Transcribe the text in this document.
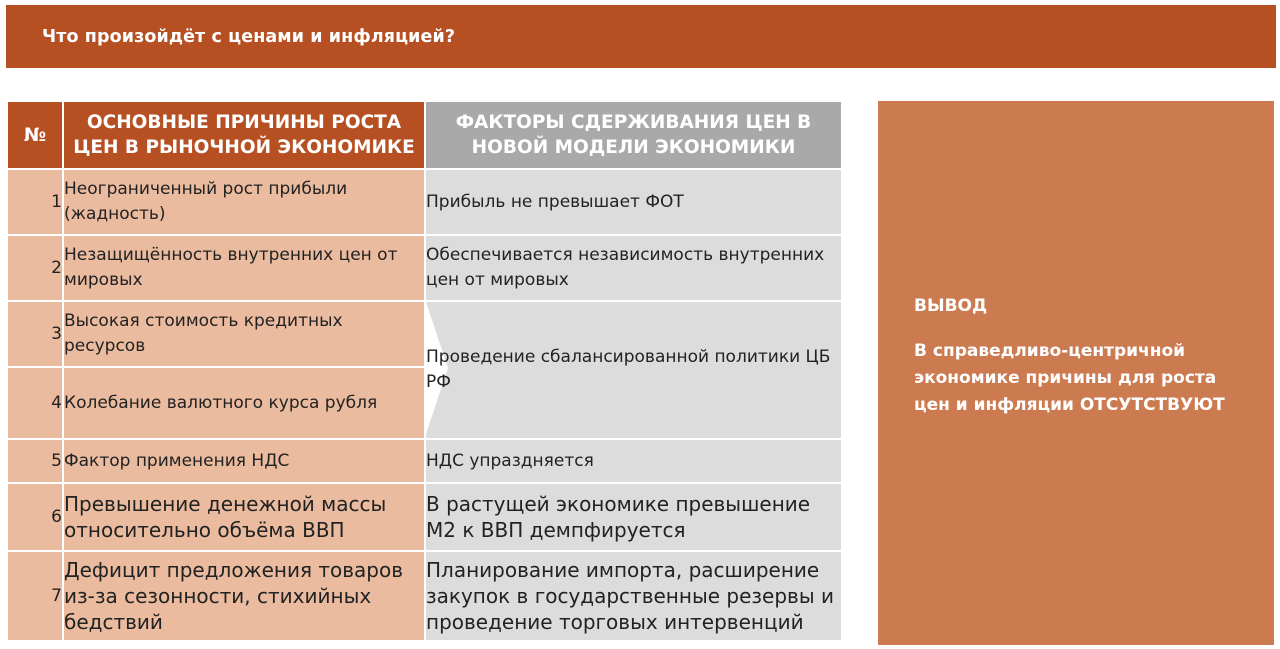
Что произойдёт с ценами и инфляцией?
№	ОСНОВНЫЕ ПРИЧИНЫ РОСТА ЦЕН В РЫНОЧНОЙ ЭКОНОМИКЕ	ФАКТОРЫ СДЕРЖИВАНИЯ ЦЕН В НОВОЙ МОДЕЛИ ЭКОНОМИКИ
1	Неограниченный рост прибыли (жадность)	Прибыль не превышает ФОТ
2	Незащищённость внутренних цен от мировых	Обеспечивается независимость внутренних цен от мировых
3	Высокая стоимость кредитных ресурсов	Проведение сбалансированной политики ЦБ РФ
4	Колебание валютного курса рубля	
5	Фактор применения НДС	НДС упраздняется
6	Превышение денежной массы относительно объёма ВВП	В растущей экономике превышение М2 к ВВП демпфируется
7	Дефицит предложения товаров из-за сезонности, стихийных бедствий	Планирование импорта, расширение закупок в государственные резервы и проведение торговых интервенций
ВЫВОД
В справедливо-центричной экономике причины для роста цен и инфляции ОТСУТСТВУЮТ
